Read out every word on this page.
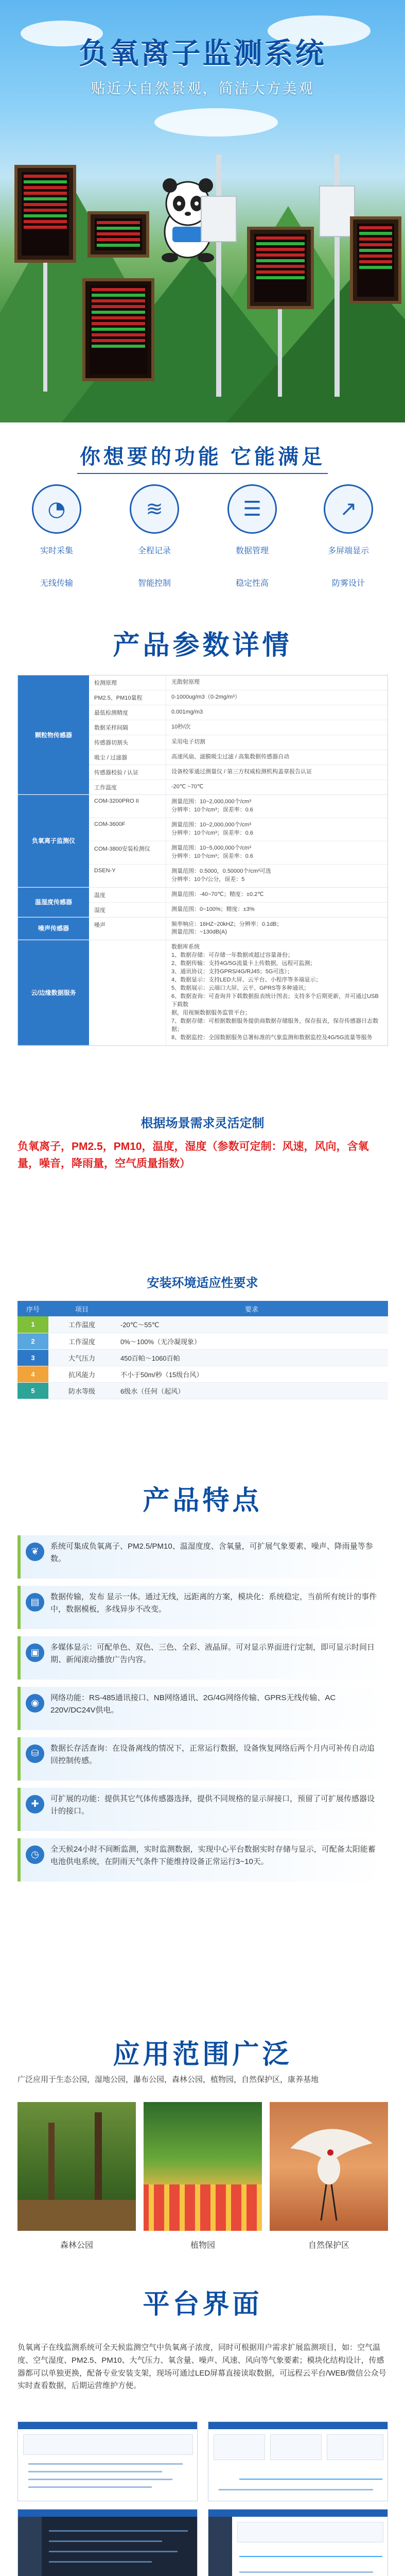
负氧离子监测系统
贴近大自然景观，简洁大方美观
你想要的功能 它能满足
◔
实时采集
无线传输
≋
全程记录
智能控制
☰
数据管理
稳定性高
↗
多屏端显示
防雾设计
产品参数详情
颗粒物传感器
检测原理	光散射原理
PM2.5、PM10量程	0-1000ug/m3（0-2mg/m³）
最低检测精度	0.001mg/m3
数据采样间隔	10秒/次
传感器切割头	采用电子切割
吸尘 / 过滤器	高速风扇、滤膜吸尘过滤 / 高集数据传感器自动
传感器校验 / 认证	设备校零通过测量仪 / 第三方权威检测机构盖章报告认证
工作温度	-20℃ ~70℃
负氧离子监测仪
COM-3200PRO II	测量范围：10~2,000,000个/cm³
分辨率：10个/cm³；误差率：0.6
COM-3600F	测量范围：10~2,000,000个/cm³
分辨率：10个/cm³；误差率：0.6
COM-3800安装检测仪	测量范围：10~5,000,000个/cm³
分辨率：10个/cm³；误差率：0.6
DSEN-Y	测量范围：0.5000，0.50000个/cm³可选
分辨率：10个/公分，误差：5
温湿度传感器
温度	测量范围：-40~70℃；精度：±0.2℃
湿度	测量范围：0~100%；精度：±3%
噪声传感器	噪声	频率响应：16HZ~20kHZ；分辨率：0.1dB；
测量范围：~130dB(A)
云/边缘数据服务
数据库系统
1、数据存储：可存储一年数据或超过容量备份；
2、数据传输：支持4G/5G流量卡上传数据，远程可监测；
3、通讯协议：支持GPRS/4G/RJ45；5G可选）；
4、数据显示：支持LED大屏、云平台、小程序等多端显示；
5、数据展示：云端口大屏、云平、GPRS等多种通讯；
6、数据查询：可查询并下载数据报表统计图表；支持多个后期更新，并可通过USB下载数
据，用视频数据服务监管平台；
7、数据存储：可根据数据服务提供商数据存储服务，保存报表，保存传感器日志数据；
8、数据监控：全国数据服务总署标准的气象监测和数据监控及4G/5G流量等服务
根据场景需求灵活定制
负氧离子，PM2.5，PM10，温度，湿度（参数可定制：风速，风向，含氧量，噪音，降雨量，空气质量指数）
安装环境适应性要求
序号	项目	要求
1	工作温度	-20℃～55℃
2	工作湿度	0%～100%（无冷凝现象）
3	大气压力	450百帕～1060百帕
4	抗风能力	不小于50m/秒（15级台风）
5	防水等级	6级水（任何（起风）
产品特点
❦	系统可集成负氧离子、PM2.5/PM10、温湿度度、含氧量，可扩展气象要素、噪声、降雨量等参数。
▤	数据传输，发布 显示一体。通过无线，远距离的方案，模块化：系统稳定，当前所有统计的事件中，数据模板，多线异步不改变。
▣	多媒体显示：可配单色、双色、三色、全彩、液晶屏。可对显示界面进行定制，即可显示时间日期、新闻滚动播放广告内容。
◉	网络功能：RS-485通讯接口、NB网络通讯、2G/4G网络传输、GPRS无线传输、AC 220V/DC24V供电。
⛁	数据长存活查询：在设备离线的情况下，正常运行数据，设备恢复网络后两个月内可补传自动追回控制传感。
✚	可扩展的功能：提供其它气体传感器选择，提供不同规格的显示屏接口，预留了可扩展传感器设计的接口。
◷	全天候24小时不间断监测，实时监测数据，实现中心平台数据实时存储与显示，可配备太阳能蓄电池供电系统，在阴雨天气条件下能维持设备正常运行3~10天。
应用范围广泛
广泛应用于生态公园，湿地公园，瀑布公园，森林公园，植物园，自然保护区，康养基地
森林公园	植物园	自然保护区
平台界面
负氧离子在线监测系统可全天候监测空气中负氧离子浓度，同时可根据用户需求扩展监测项目，如：空气温度、空气湿度、PM2.5、PM10、大气压力、氧含量、噪声、风速、风向等气象要素；模块化结构设计，传感器都可以单独更换，配备专业安装支架，现场可通过LED屏幕直接读取数据，可远程云平台/WEB/微信公众号实时查看数据，后期运营维护方便。
